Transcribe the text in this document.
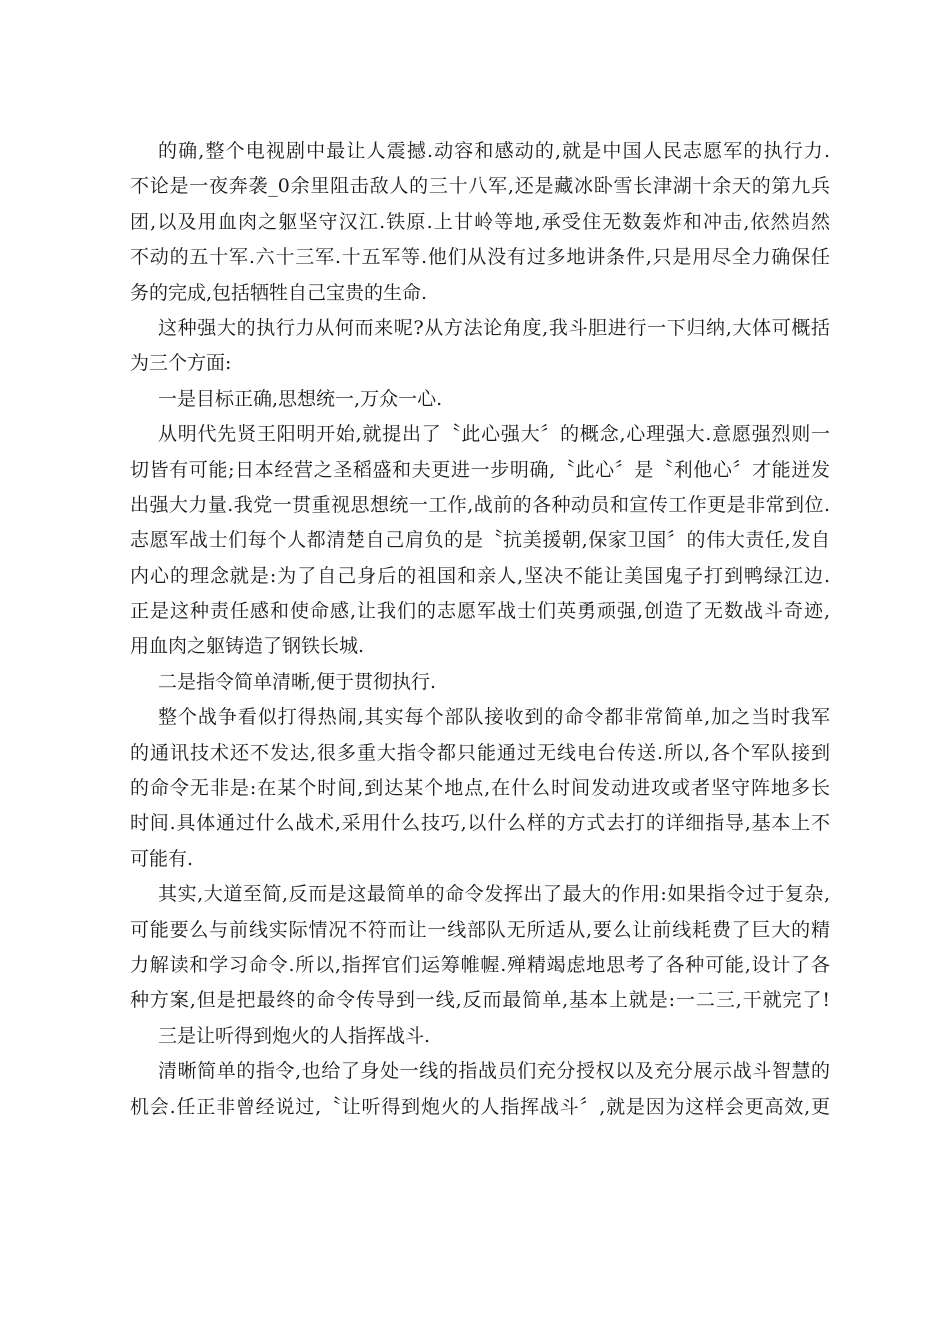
的确,整个电视剧中最让人震撼.动容和感动的,就是中国人民志愿军的执行力.
不论是一夜奔袭_0余里阻击敌人的三十八军,还是藏冰卧雪长津湖十余天的第九兵
团,以及用血肉之躯坚守汉江.铁原.上甘岭等地,承受住无数轰炸和冲击,依然岿然
不动的五十军.六十三军.十五军等.他们从没有过多地讲条件,只是用尽全力确保任
务的完成,包括牺牲自己宝贵的生命.
这种强大的执行力从何而来呢?从方法论角度,我斗胆进行一下归纳,大体可概括
为三个方面:
一是目标正确,思想统一,万众一心.
从明代先贤王阳明开始,就提出了〝此心强大〞的概念,心理强大.意愿强烈则一
切皆有可能;日本经营之圣稻盛和夫更进一步明确,〝此心〞是〝利他心〞才能迸发
出强大力量.我党一贯重视思想统一工作,战前的各种动员和宣传工作更是非常到位.
志愿军战士们每个人都清楚自己肩负的是〝抗美援朝,保家卫国〞的伟大责任,发自
内心的理念就是:为了自己身后的祖国和亲人,坚决不能让美国鬼子打到鸭绿江边.
正是这种责任感和使命感,让我们的志愿军战士们英勇顽强,创造了无数战斗奇迹,
用血肉之躯铸造了钢铁长城.
二是指令简单清晰,便于贯彻执行.
整个战争看似打得热闹,其实每个部队接收到的命令都非常简单,加之当时我军
的通讯技术还不发达,很多重大指令都只能通过无线电台传送.所以,各个军队接到
的命令无非是:在某个时间,到达某个地点,在什么时间发动进攻或者坚守阵地多长
时间.具体通过什么战术,采用什么技巧,以什么样的方式去打的详细指导,基本上不
可能有.
其实,大道至简,反而是这最简单的命令发挥出了最大的作用:如果指令过于复杂,
可能要么与前线实际情况不符而让一线部队无所适从,要么让前线耗费了巨大的精
力解读和学习命令.所以,指挥官们运筹帷幄.殚精竭虑地思考了各种可能,设计了各
种方案,但是把最终的命令传导到一线,反而最简单,基本上就是:一二三,干就完了!
三是让听得到炮火的人指挥战斗.
清晰简单的指令,也给了身处一线的指战员们充分授权以及充分展示战斗智慧的
机会.任正非曾经说过,〝让听得到炮火的人指挥战斗〞,就是因为这样会更高效,更
